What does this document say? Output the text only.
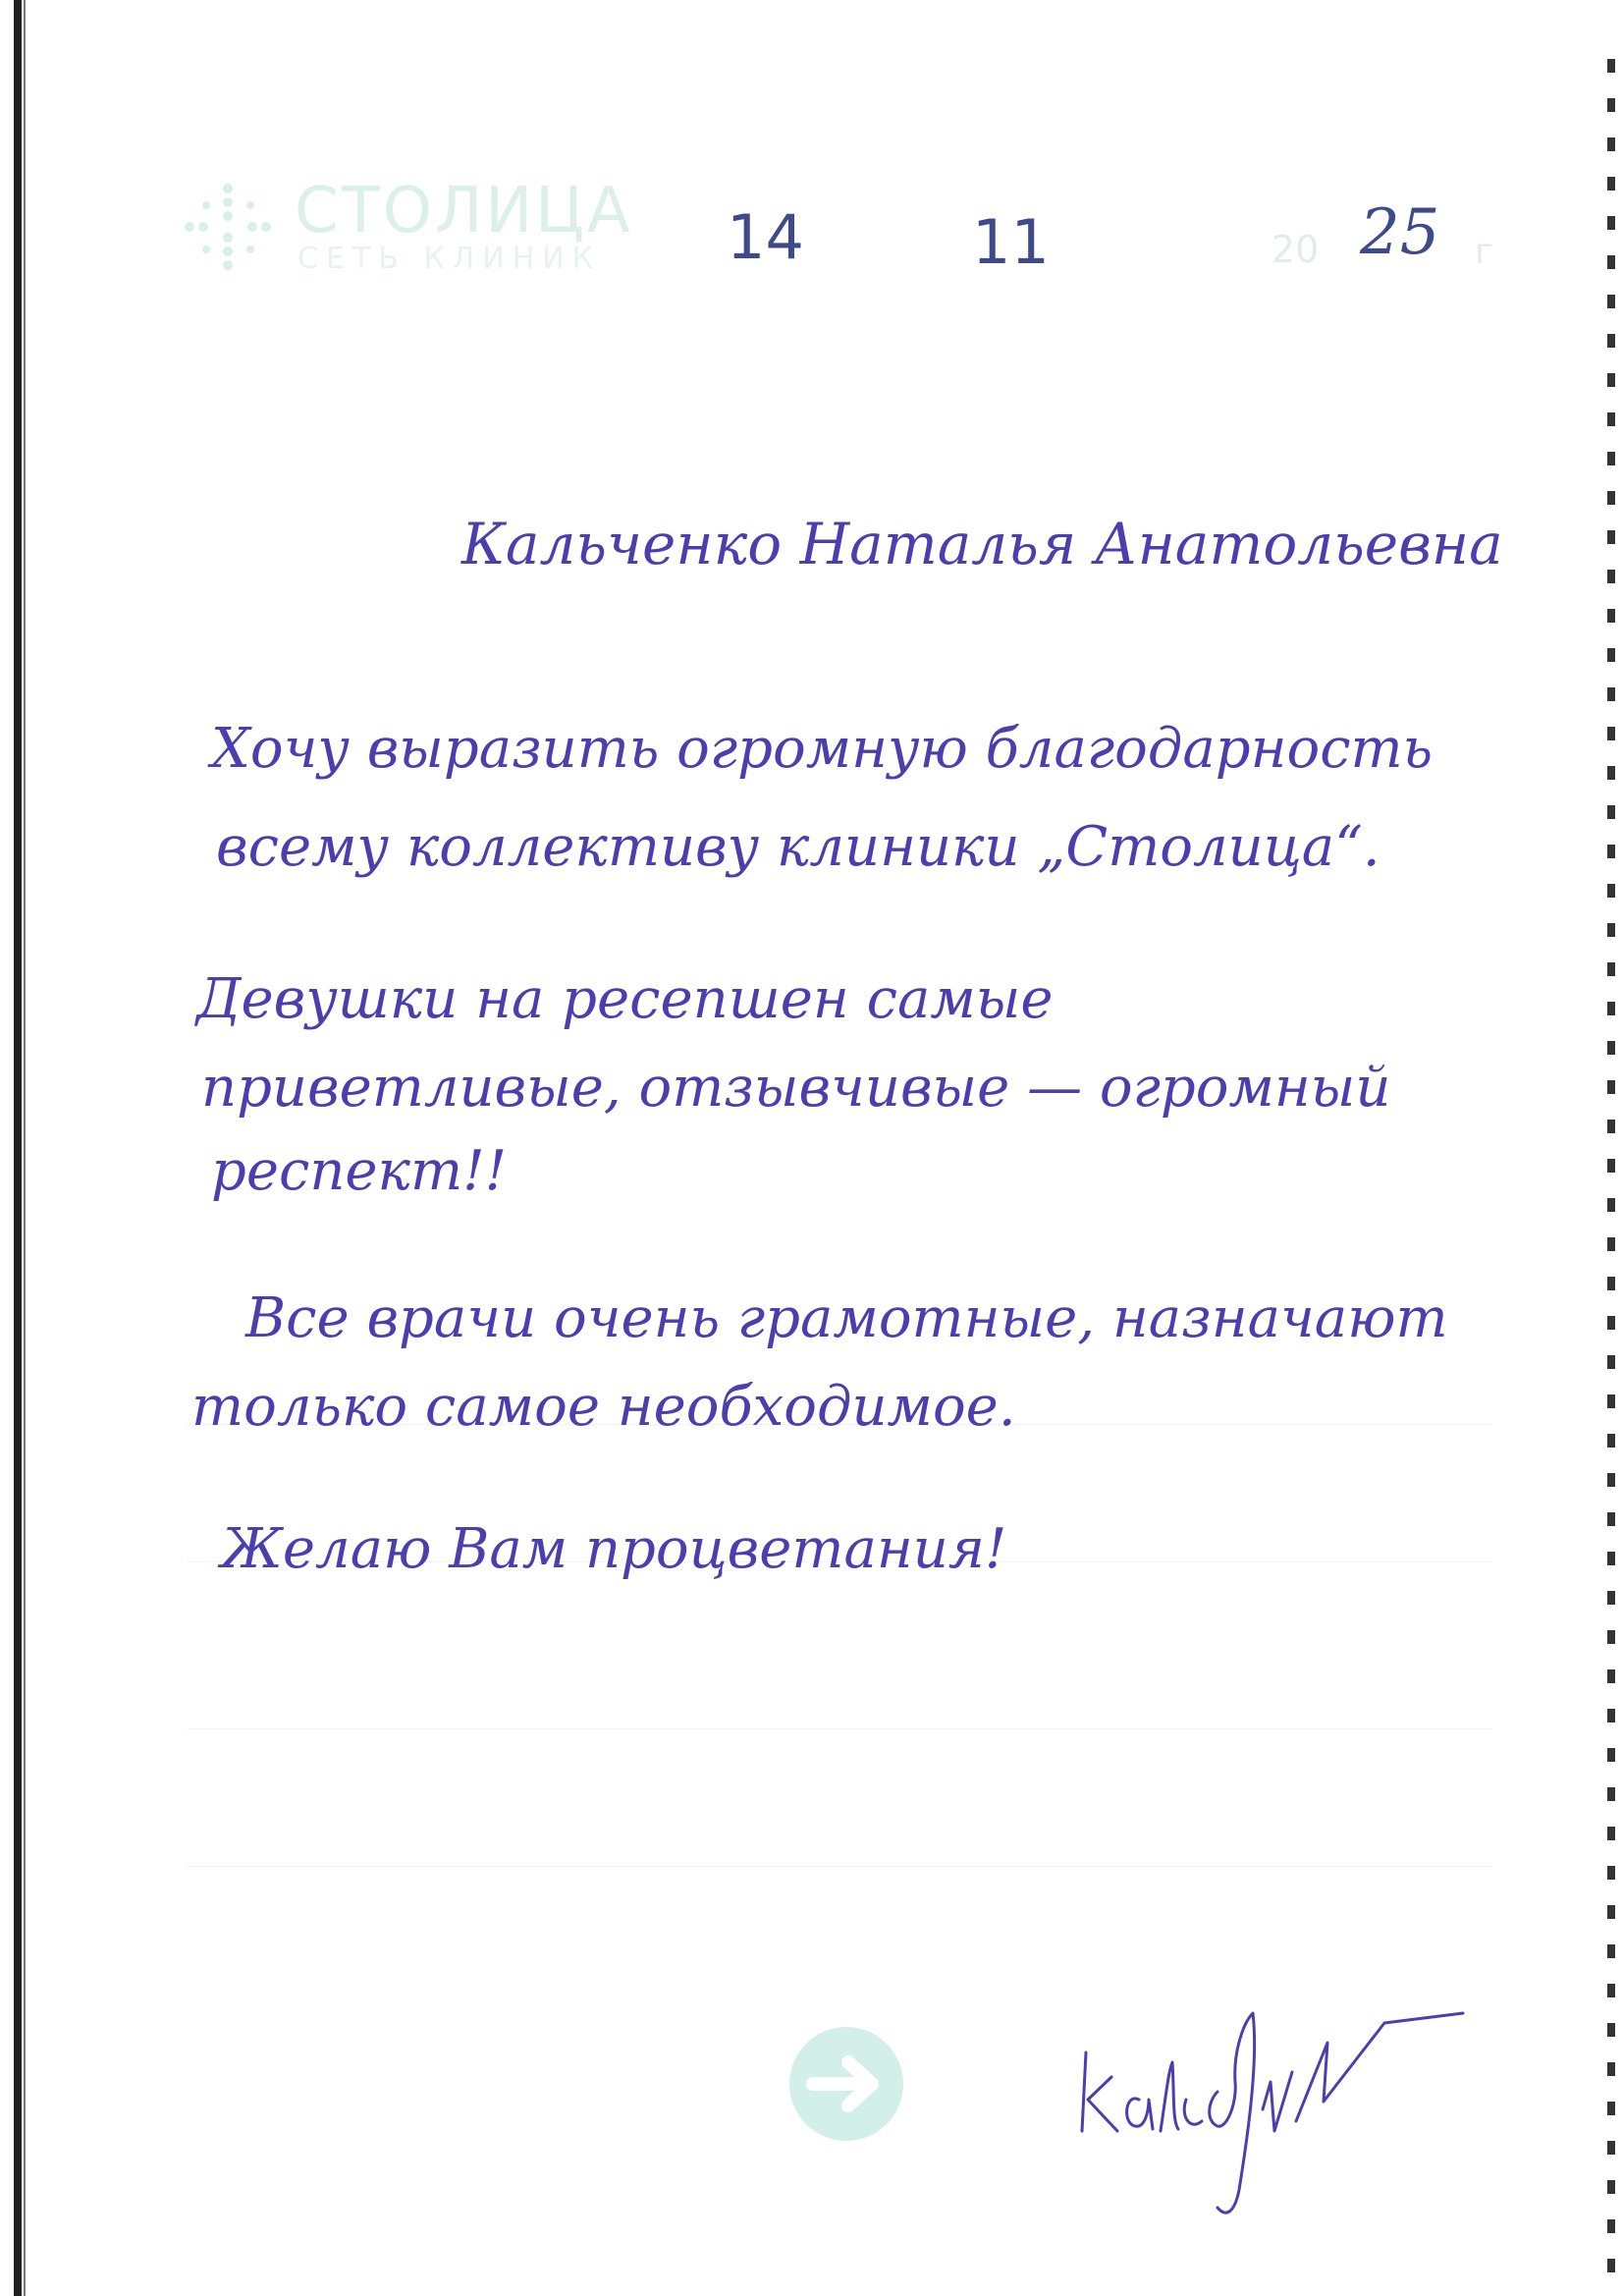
СТОЛИЦА
СЕТЬ КЛИНИК 14	11	20 25 г
Кальченко Наталья Анатольевна
Хочу выразить огромную благодарность
всему коллективу клиники „Столица“.
Девушки на ресепшен самые
приветливые, отзывчивые — огромный
респект!!
Все врачи очень грамотные, назначают
только самое необходимое.
Желаю Вам процветания!
